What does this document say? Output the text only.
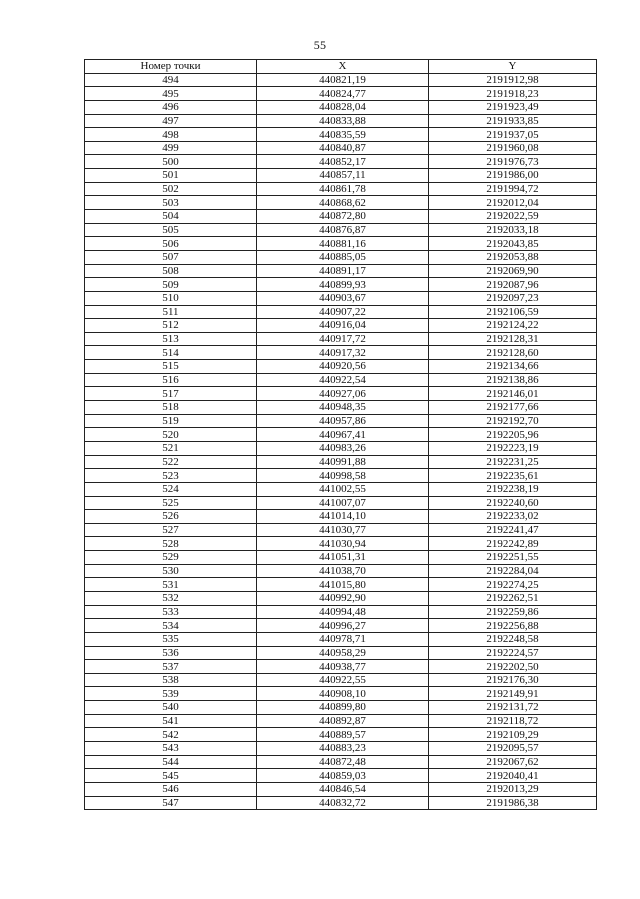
55
Номер точки	X	Y
494	440821,19	2191912,98
495	440824,77	2191918,23
496	440828,04	2191923,49
497	440833,88	2191933,85
498	440835,59	2191937,05
499	440840,87	2191960,08
500	440852,17	2191976,73
501	440857,11	2191986,00
502	440861,78	2191994,72
503	440868,62	2192012,04
504	440872,80	2192022,59
505	440876,87	2192033,18
506	440881,16	2192043,85
507	440885,05	2192053,88
508	440891,17	2192069,90
509	440899,93	2192087,96
510	440903,67	2192097,23
511	440907,22	2192106,59
512	440916,04	2192124,22
513	440917,72	2192128,31
514	440917,32	2192128,60
515	440920,56	2192134,66
516	440922,54	2192138,86
517	440927,06	2192146,01
518	440948,35	2192177,66
519	440957,86	2192192,70
520	440967,41	2192205,96
521	440983,26	2192223,19
522	440991,88	2192231,25
523	440998,58	2192235,61
524	441002,55	2192238,19
525	441007,07	2192240,60
526	441014,10	2192233,02
527	441030,77	2192241,47
528	441030,94	2192242,89
529	441051,31	2192251,55
530	441038,70	2192284,04
531	441015,80	2192274,25
532	440992,90	2192262,51
533	440994,48	2192259,86
534	440996,27	2192256,88
535	440978,71	2192248,58
536	440958,29	2192224,57
537	440938,77	2192202,50
538	440922,55	2192176,30
539	440908,10	2192149,91
540	440899,80	2192131,72
541	440892,87	2192118,72
542	440889,57	2192109,29
543	440883,23	2192095,57
544	440872,48	2192067,62
545	440859,03	2192040,41
546	440846,54	2192013,29
547	440832,72	2191986,38
